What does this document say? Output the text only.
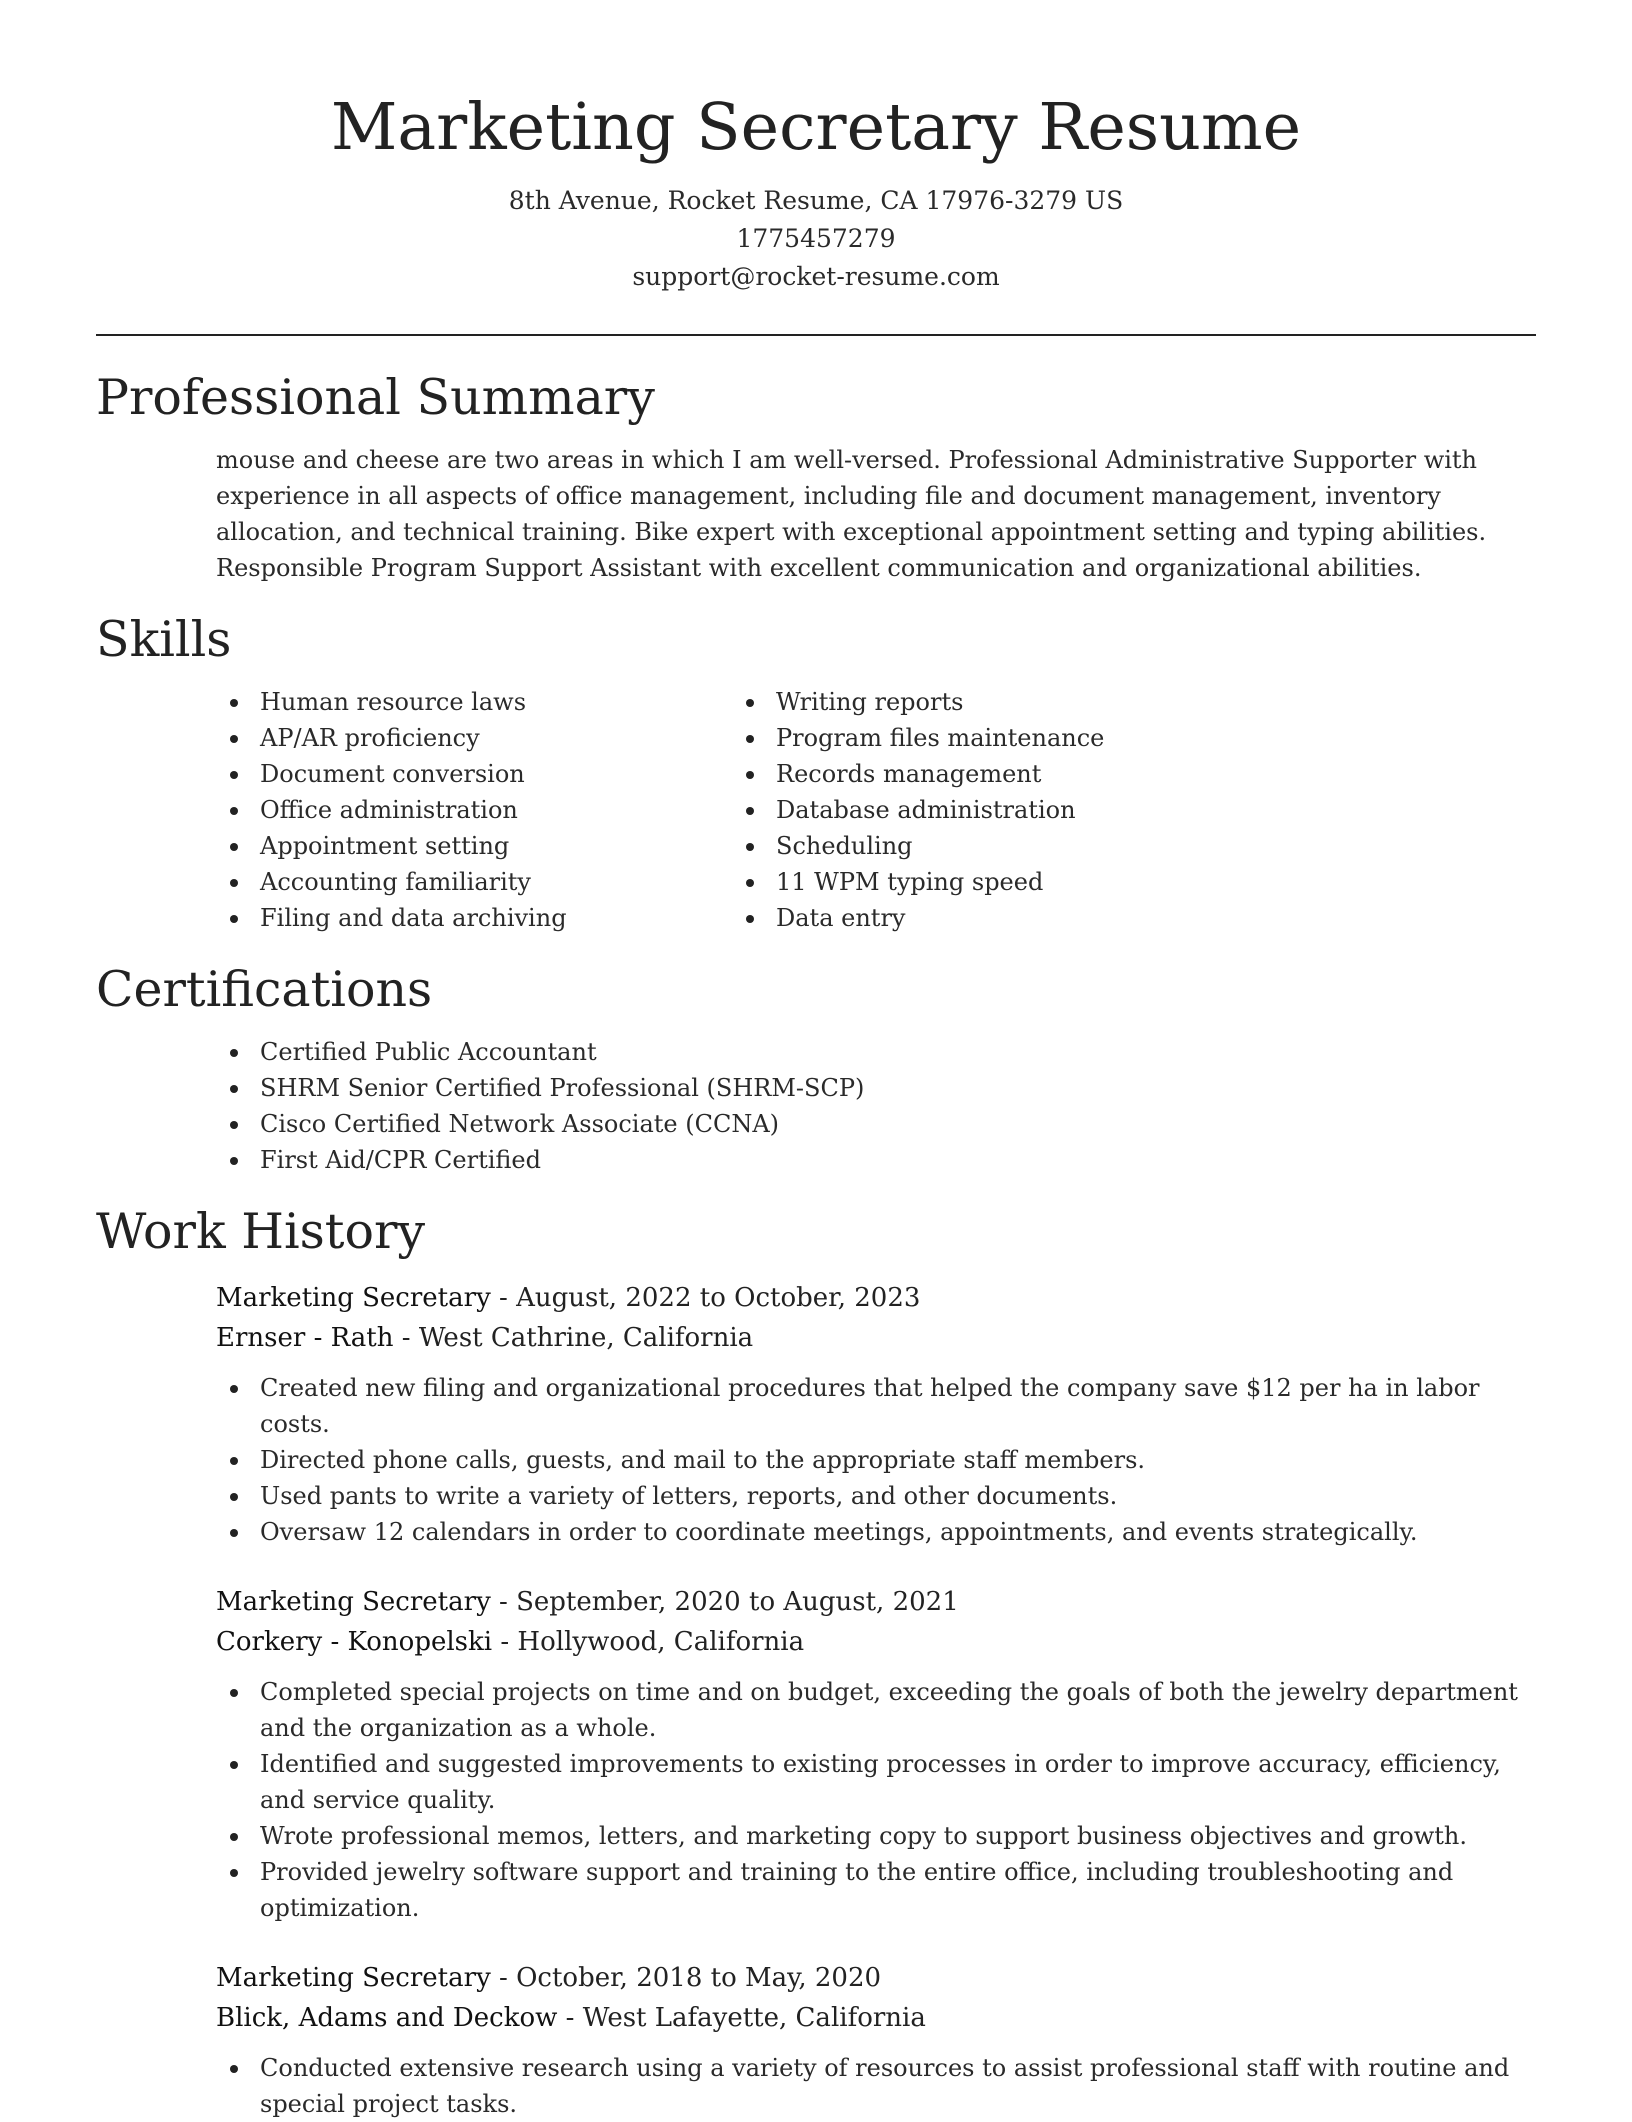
Marketing Secretary Resume
8th Avenue, Rocket Resume, CA 17976-3279 US
1775457279
support@rocket-resume.com
Professional Summary
mouse and cheese are two areas in which I am well-versed. Professional Administrative Supporter with experience in all aspects of office management, including file and document management, inventory allocation, and technical training. Bike expert with exceptional appointment setting and typing abilities. Responsible Program Support Assistant with excellent communication and organizational abilities.
Skills
Human resource laws
AP/AR proficiency
Document conversion
Office administration
Appointment setting
Accounting familiarity
Filing and data archiving
Writing reports
Program files maintenance
Records management
Database administration
Scheduling
11 WPM typing speed
Data entry
Certifications
Certified Public Accountant
SHRM Senior Certified Professional (SHRM-SCP)
Cisco Certified Network Associate (CCNA)
First Aid/CPR Certified
Work History
Marketing Secretary - August, 2022 to October, 2023
Ernser - Rath - West Cathrine, California
Created new filing and organizational procedures that helped the company save $12 per ha in labor costs.
Directed phone calls, guests, and mail to the appropriate staff members.
Used pants to write a variety of letters, reports, and other documents.
Oversaw 12 calendars in order to coordinate meetings, appointments, and events strategically.
Marketing Secretary - September, 2020 to August, 2021
Corkery - Konopelski - Hollywood, California
Completed special projects on time and on budget, exceeding the goals of both the jewelry department and the organization as a whole.
Identified and suggested improvements to existing processes in order to improve accuracy, efficiency, and service quality.
Wrote professional memos, letters, and marketing copy to support business objectives and growth.
Provided jewelry software support and training to the entire office, including troubleshooting and optimization.
Marketing Secretary - October, 2018 to May, 2020
Blick, Adams and Deckow - West Lafayette, California
Conducted extensive research using a variety of resources to assist professional staff with routine and special project tasks.
